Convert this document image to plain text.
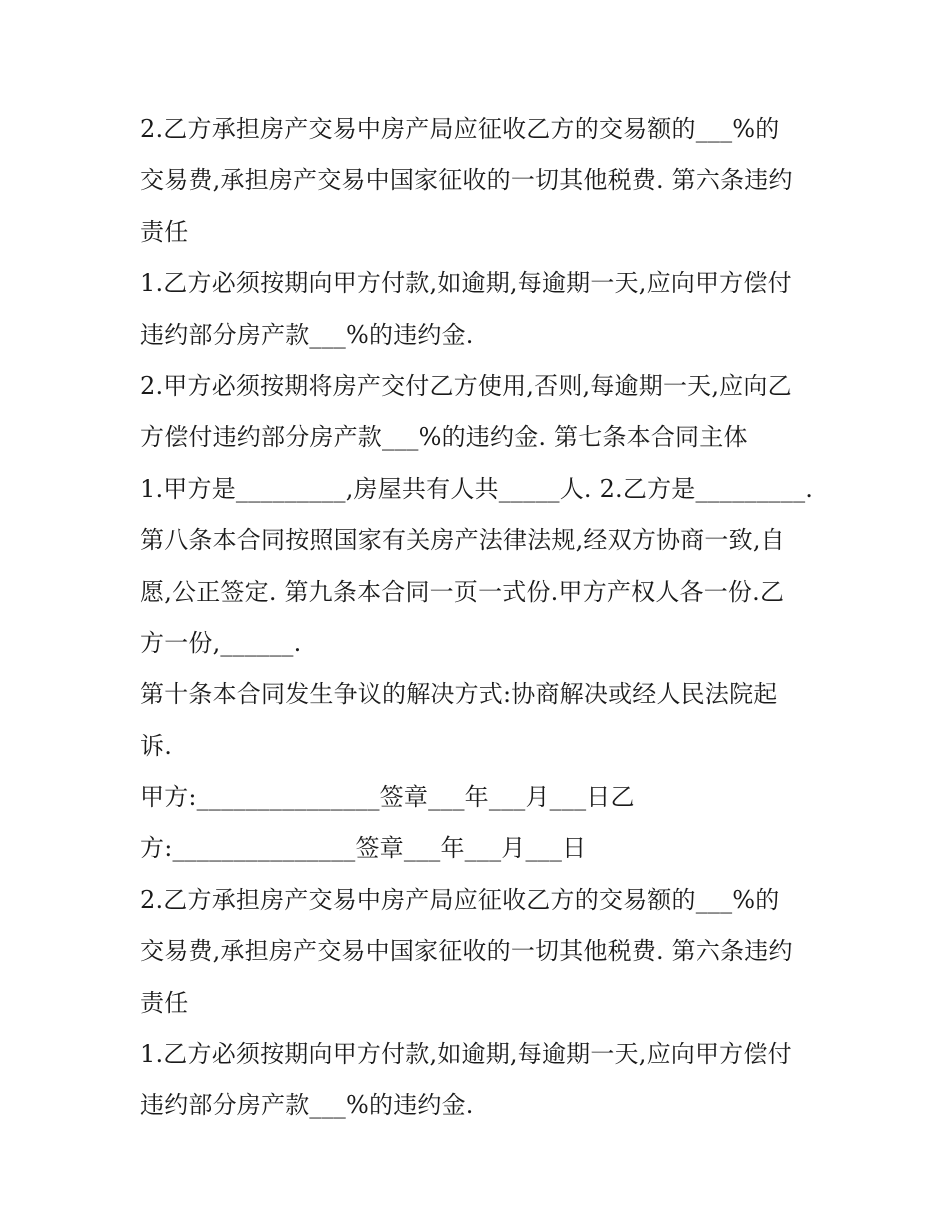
2.乙方承担房产交易中房产局应征收乙方的交易额的___%的
交易费,承担房产交易中国家征收的一切其他税费. 第六条违约
责任
1.乙方必须按期向甲方付款,如逾期,每逾期一天,应向甲方偿付
违约部分房产款___%的违约金.
2.甲方必须按期将房产交付乙方使用,否则,每逾期一天,应向乙
方偿付违约部分房产款___%的违约金. 第七条本合同主体
1.甲方是_________,房屋共有人共_____人. 2.乙方是_________.
第八条本合同按照国家有关房产法律法规,经双方协商一致,自
愿,公正签定. 第九条本合同一页一式份.甲方产权人各一份.乙
方一份,______.
第十条本合同发生争议的解决方式:协商解决或经人民法院起
诉.
甲方:_______________签章___年___月___日乙
方:_______________签章___年___月___日
2.乙方承担房产交易中房产局应征收乙方的交易额的___%的
交易费,承担房产交易中国家征收的一切其他税费. 第六条违约
责任
1.乙方必须按期向甲方付款,如逾期,每逾期一天,应向甲方偿付
违约部分房产款___%的违约金.
